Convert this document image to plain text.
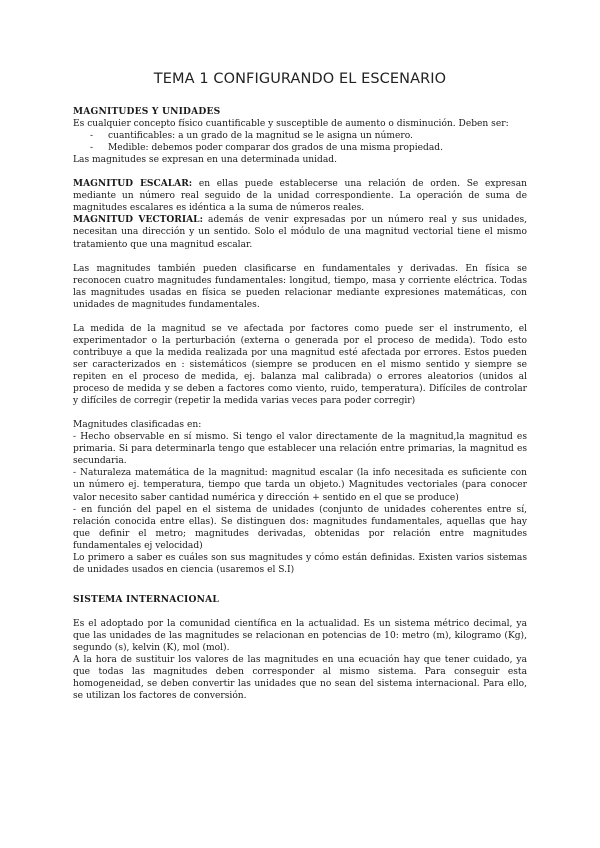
TEMA 1 CONFIGURANDO EL ESCENARIO

MAGNITUDES Y UNIDADES

Es cualquier concepto físico cuantificable y susceptible de aumento o disminución. Deben ser:

- cuantificables: a un grado de la magnitud se le asigna un número.
- Medible: debemos poder comparar dos grados de una misma propiedad.

Las magnitudes se expresan en una determinada unidad.

MAGNITUD ESCALAR: en ellas puede establecerse una relación de orden. Se expresan mediante un número real seguido de la unidad correspondiente. La operación de suma de magnitudes escalares es idéntica a la suma de números reales.

MAGNITUD VECTORIAL: además de venir expresadas por un número real y sus unidades, necesitan una dirección y un sentido. Solo el módulo de una magnitud vectorial tiene el mismo tratamiento que una magnitud escalar.

Las magnitudes también pueden clasificarse en fundamentales y derivadas. En física se reconocen cuatro magnitudes fundamentales: longitud, tiempo, masa y corriente eléctrica. Todas las magnitudes usadas en física se pueden relacionar mediante expresiones matemáticas, con unidades de magnitudes fundamentales.

La medida de la magnitud se ve afectada por factores como puede ser el instrumento, el experimentador o la perturbación (externa o generada por el proceso de medida). Todo esto contribuye a que la medida realizada por una magnitud esté afectada por errores. Estos pueden ser caracterizados en : sistemáticos (siempre se producen en el mismo sentido y siempre se repiten en el proceso de medida, ej. balanza mal calibrada) o errores aleatorios (unidos al proceso de medida y se deben a factores como viento, ruido, temperatura). Difíciles de controlar y difíciles de corregir (repetir la medida varias veces para poder corregir)

Magnitudes clasificadas en:

- Hecho observable en sí mismo. Si tengo el valor directamente de la magnitud,la magnitud es primaria. Si para determinarla tengo que establecer una relación entre primarias, la magnitud es secundaria.

- Naturaleza matemática de la magnitud: magnitud escalar (la info necesitada es suficiente con un número ej. temperatura, tiempo que tarda un objeto.) Magnitudes vectoriales (para conocer valor necesito saber cantidad numérica y dirección + sentido en el que se produce)

- en función del papel en el sistema de unidades (conjunto de unidades coherentes entre sí, relación conocida entre ellas). Se distinguen dos: magnitudes fundamentales, aquellas que hay que definir el metro; magnitudes derivadas, obtenidas por relación entre magnitudes fundamentales ej velocidad)

Lo primero a saber es cuáles son sus magnitudes y cómo están definidas. Existen varios sistemas de unidades usados en ciencia (usaremos el S.I)

SISTEMA INTERNACIONAL

Es el adoptado por la comunidad científica en la actualidad. Es un sistema métrico decimal, ya que las unidades de las magnitudes se relacionan en potencias de 10: metro (m), kilogramo (Kg), segundo (s), kelvin (K), mol (mol).

A la hora de sustituir los valores de las magnitudes en una ecuación hay que tener cuidado, ya que todas las magnitudes deben corresponder al mismo sistema. Para conseguir esta homogeneidad, se deben convertir las unidades que no sean del sistema internacional. Para ello, se utilizan los factores de conversión.
